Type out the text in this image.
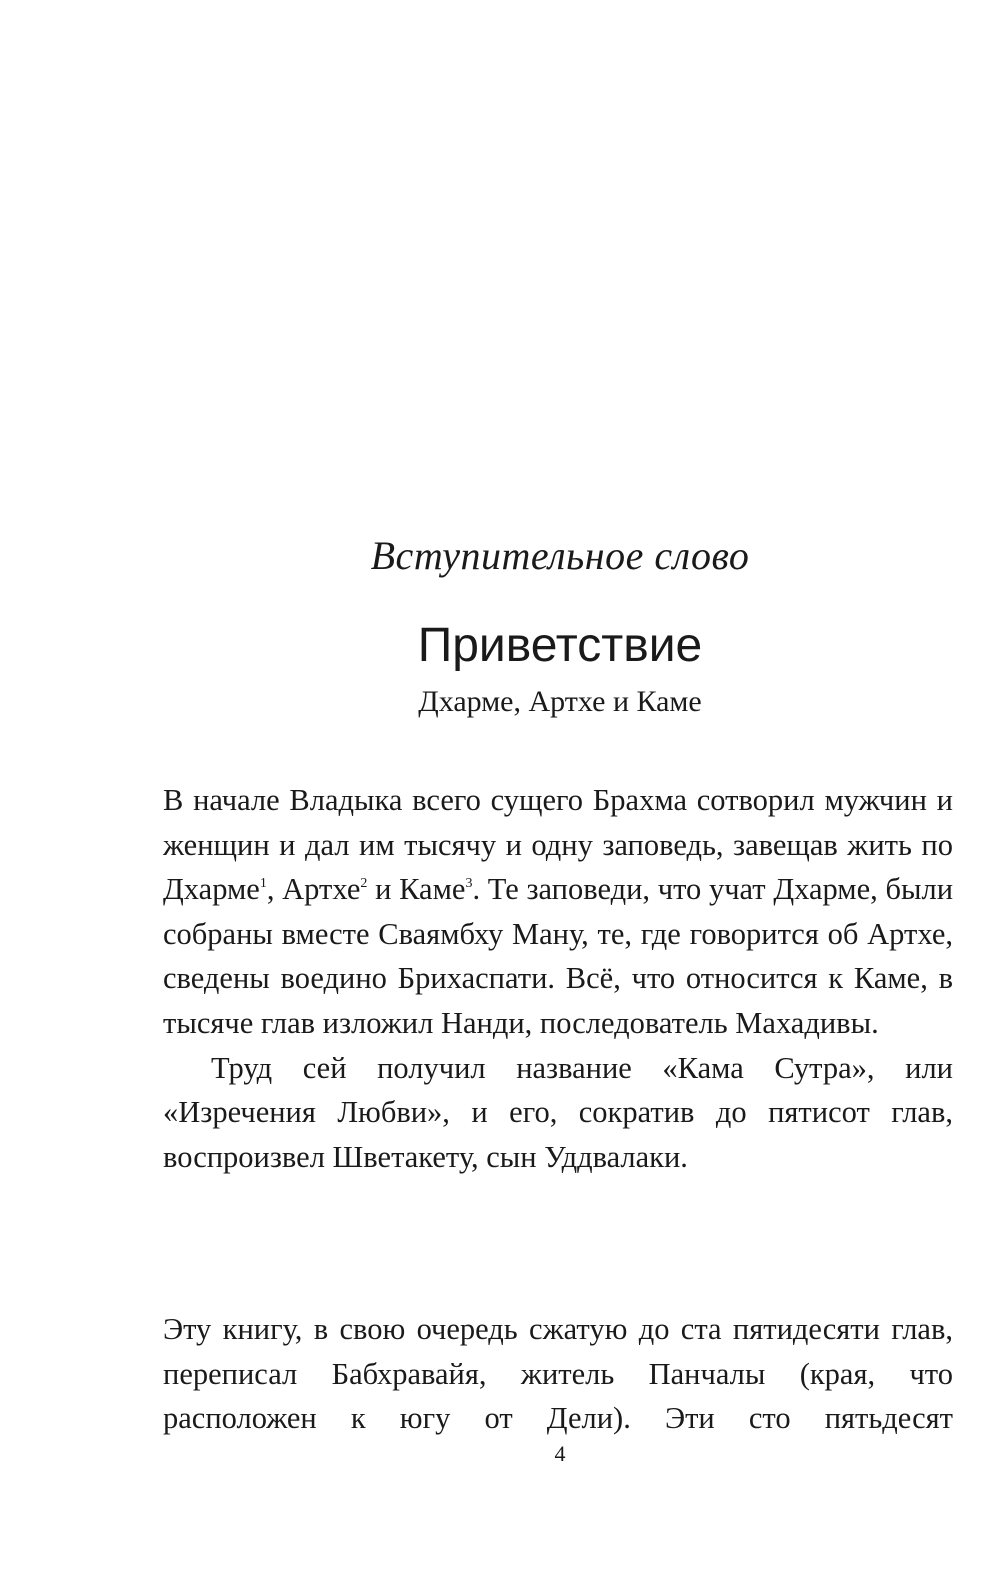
Вступительное слово
Приветствие
Дхарме, Артхе и Каме

В начале Владыка всего сущего Брахма сотворил мужчин и женщин и дал им тысячу и одну заповедь, завещав жить по Дхарме$^1$, Артхе$^2$ и Каме$^3$. Те заповеди, что учат Дхарме, были собраны вместе Сваямбху Ману, те, где говорится об Артхе, сведены воедино Брихаспати. Всё, что относится к Каме, в тысяче глав изложил Нанди, последователь Махадивы.

Труд сей получил название «Кама Сутра», или «Изречения Любви», и его, сократив до пятисот глав, воспроизвел Шветакету, сын Уддвалаки.

Эту книгу, в свою очередь сжатую до ста пятидесяти глав, переписал Бабхравайя, житель Панчалы (края, что расположен к югу от Дели). Эти сто пятьдесят

4
